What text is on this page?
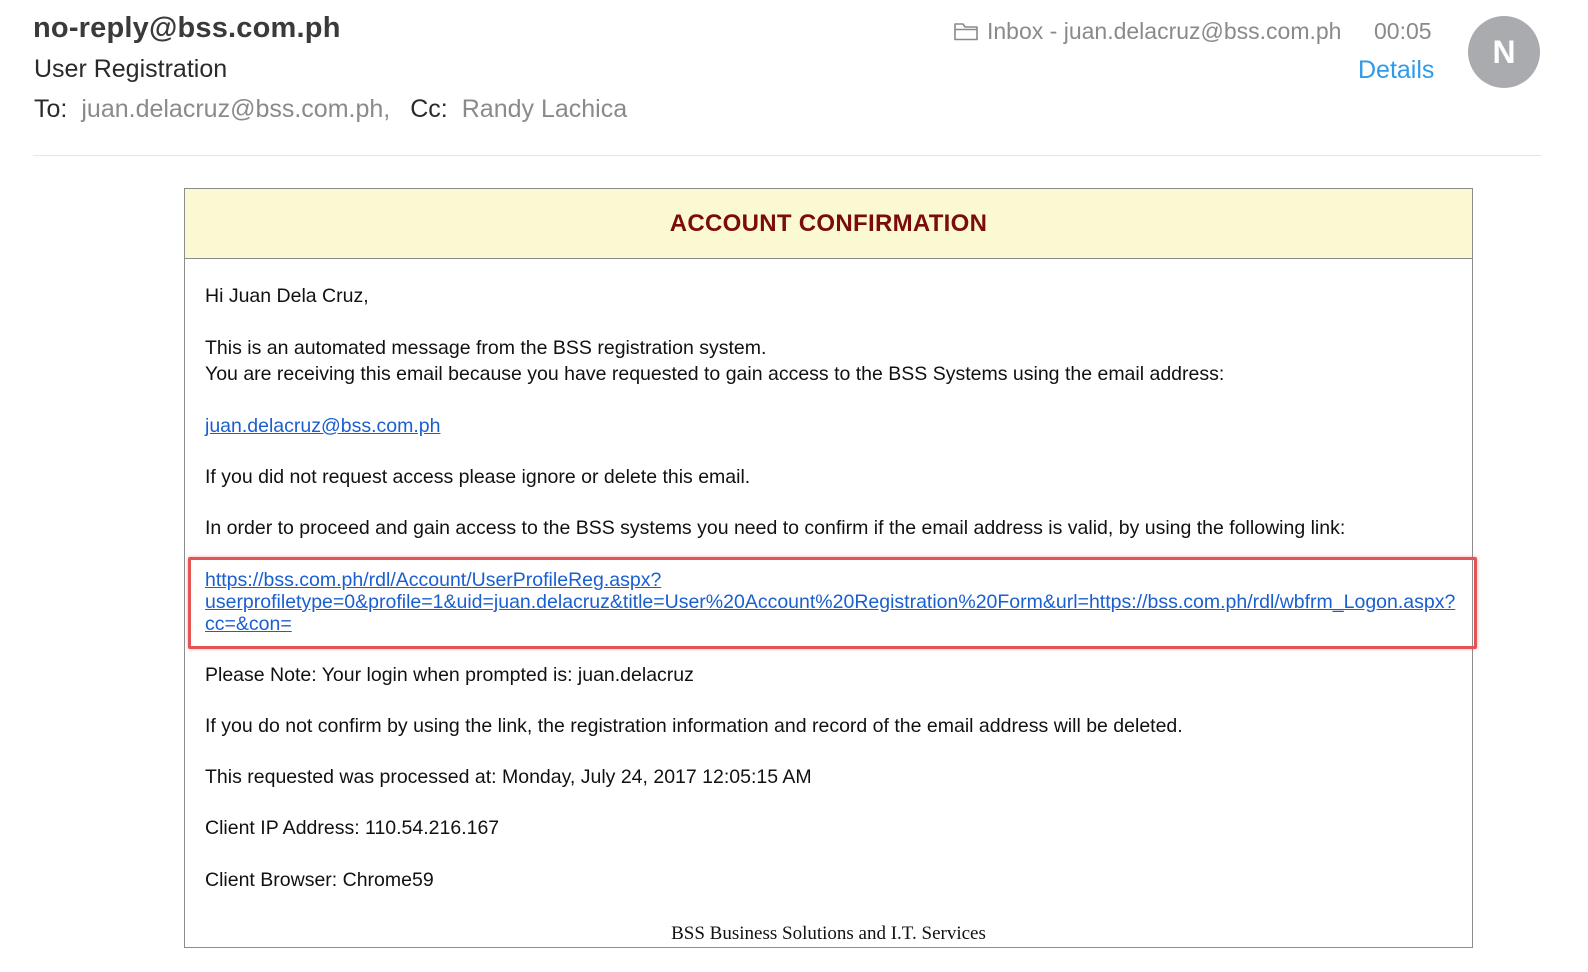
no-reply@bss.com.ph
User Registration
To: juan.delacruz@bss.com.ph, Cc: Randy Lachica
Inbox - juan.delacruz@bss.com.ph 00:05
Details
N
ACCOUNT CONFIRMATION
Hi Juan Dela Cruz,
This is an automated message from the BSS registration system.
You are receiving this email because you have requested to gain access to the BSS Systems using the email address:
juan.delacruz@bss.com.ph
If you did not request access please ignore or delete this email.
In order to proceed and gain access to the BSS systems you need to confirm if the email address is valid, by using the following link:
https://bss.com.ph/rdl/Account/UserProfileReg.aspx?
userprofiletype=0&profile=1&uid=juan.delacruz&title=User%20Account%20Registration%20Form&url=https://bss.com.ph/rdl/wbfrm_Logon.aspx?
cc=&con=
Please Note: Your login when prompted is: juan.delacruz
If you do not confirm by using the link, the registration information and record of the email address will be deleted.
This requested was processed at: Monday, July 24, 2017 12:05:15 AM
Client IP Address: 110.54.216.167
Client Browser: Chrome59
BSS Business Solutions and I.T. Services
